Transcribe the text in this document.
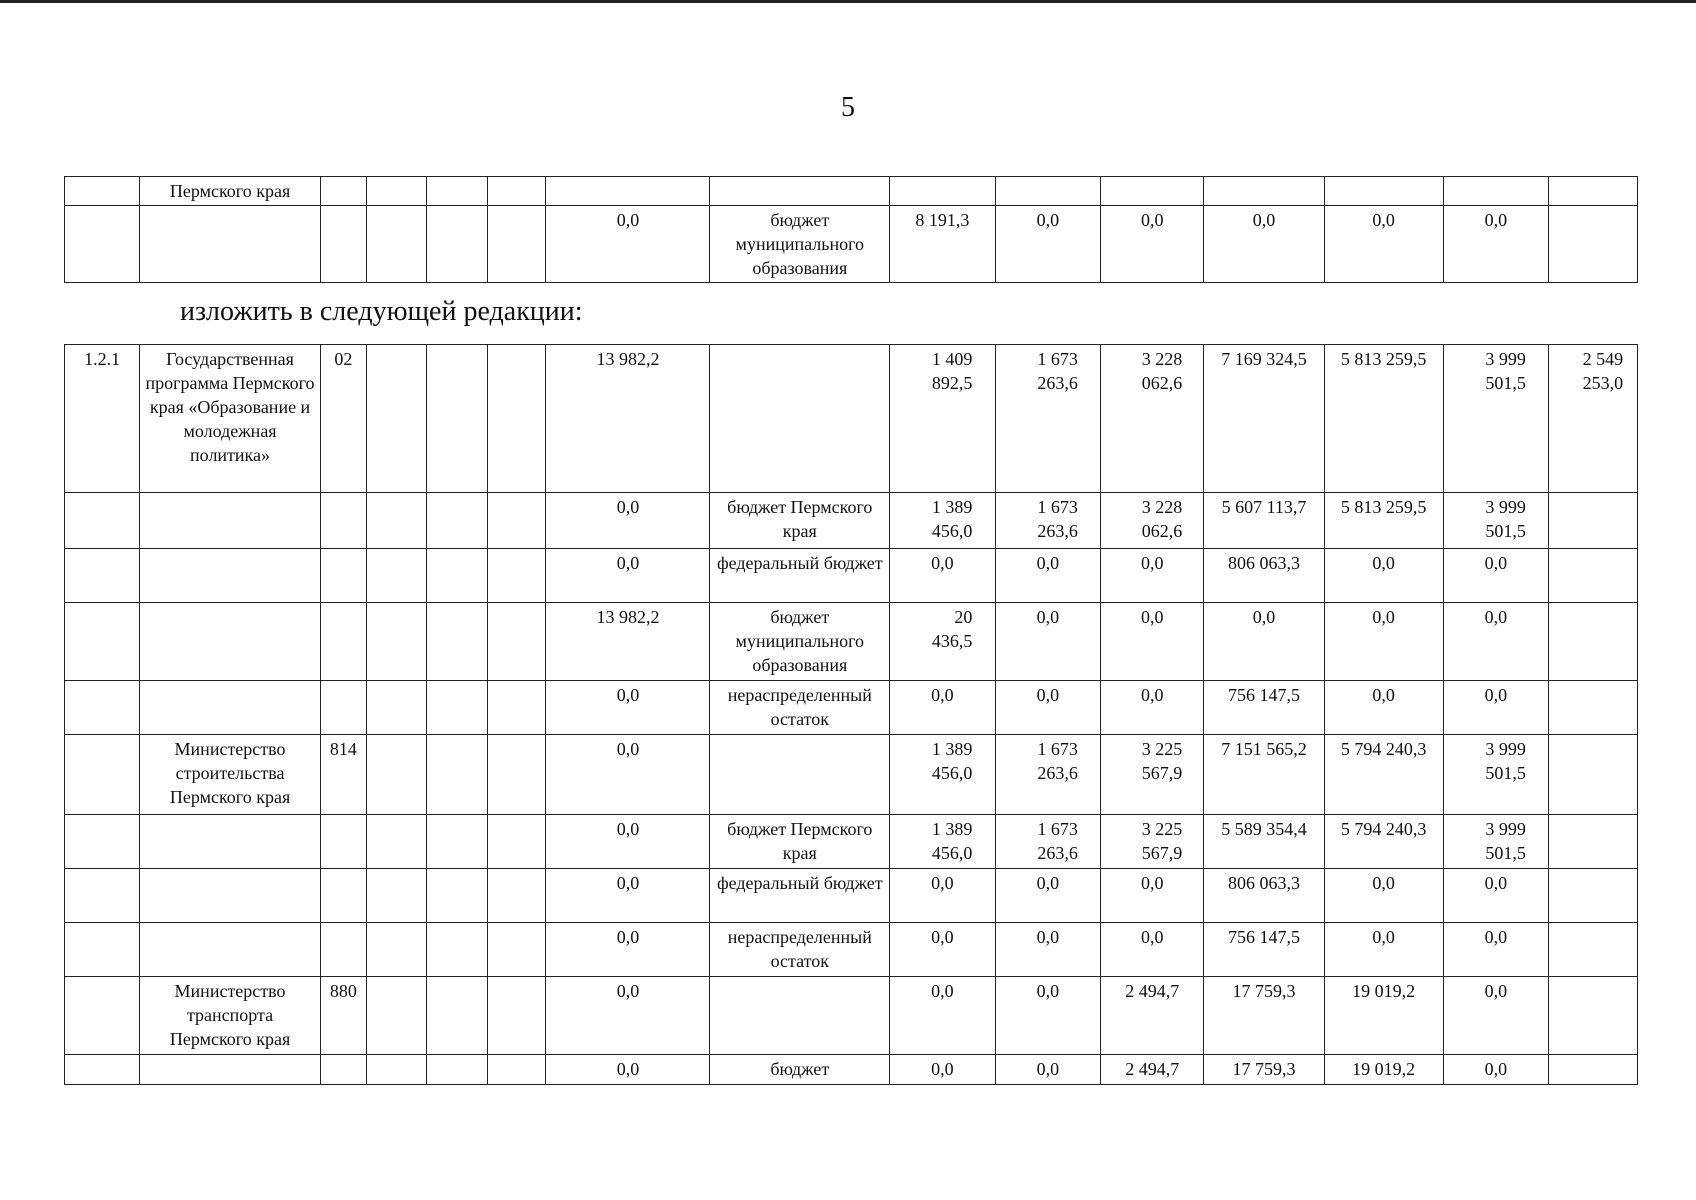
5
	Пермского края													
						0,0	бюджет муниципального образования	8 191,3	0,0	0,0	0,0	0,0	0,0	
изложить в следующей редакции:
1.2.1	Государственная программа Пермского края «Образование и молодежная политика»	02				13 982,2		1 409 892,5	1 673 263,6	3 228 062,6	7 169 324,5	5 813 259,5	3 999 501,5	2 549 253,0
						0,0	бюджет Пермского края	1 389 456,0	1 673 263,6	3 228 062,6	5 607 113,7	5 813 259,5	3 999 501,5	
						0,0	федеральный бюджет	0,0	0,0	0,0	806 063,3	0,0	0,0	
						13 982,2	бюджет муниципального образования	20 436,5	0,0	0,0	0,0	0,0	0,0	
						0,0	нераспределенный остаток	0,0	0,0	0,0	756 147,5	0,0	0,0	
	Министерство строительства Пермского края	814				0,0		1 389 456,0	1 673 263,6	3 225 567,9	7 151 565,2	5 794 240,3	3 999 501,5	
						0,0	бюджет Пермского края	1 389 456,0	1 673 263,6	3 225 567,9	5 589 354,4	5 794 240,3	3 999 501,5	
						0,0	федеральный бюджет	0,0	0,0	0,0	806 063,3	0,0	0,0	
						0,0	нераспределенный остаток	0,0	0,0	0,0	756 147,5	0,0	0,0	
	Министерство транспорта Пермского края	880				0,0		0,0	0,0	2 494,7	17 759,3	19 019,2	0,0	
						0,0	бюджет	0,0	0,0	2 494,7	17 759,3	19 019,2	0,0	
